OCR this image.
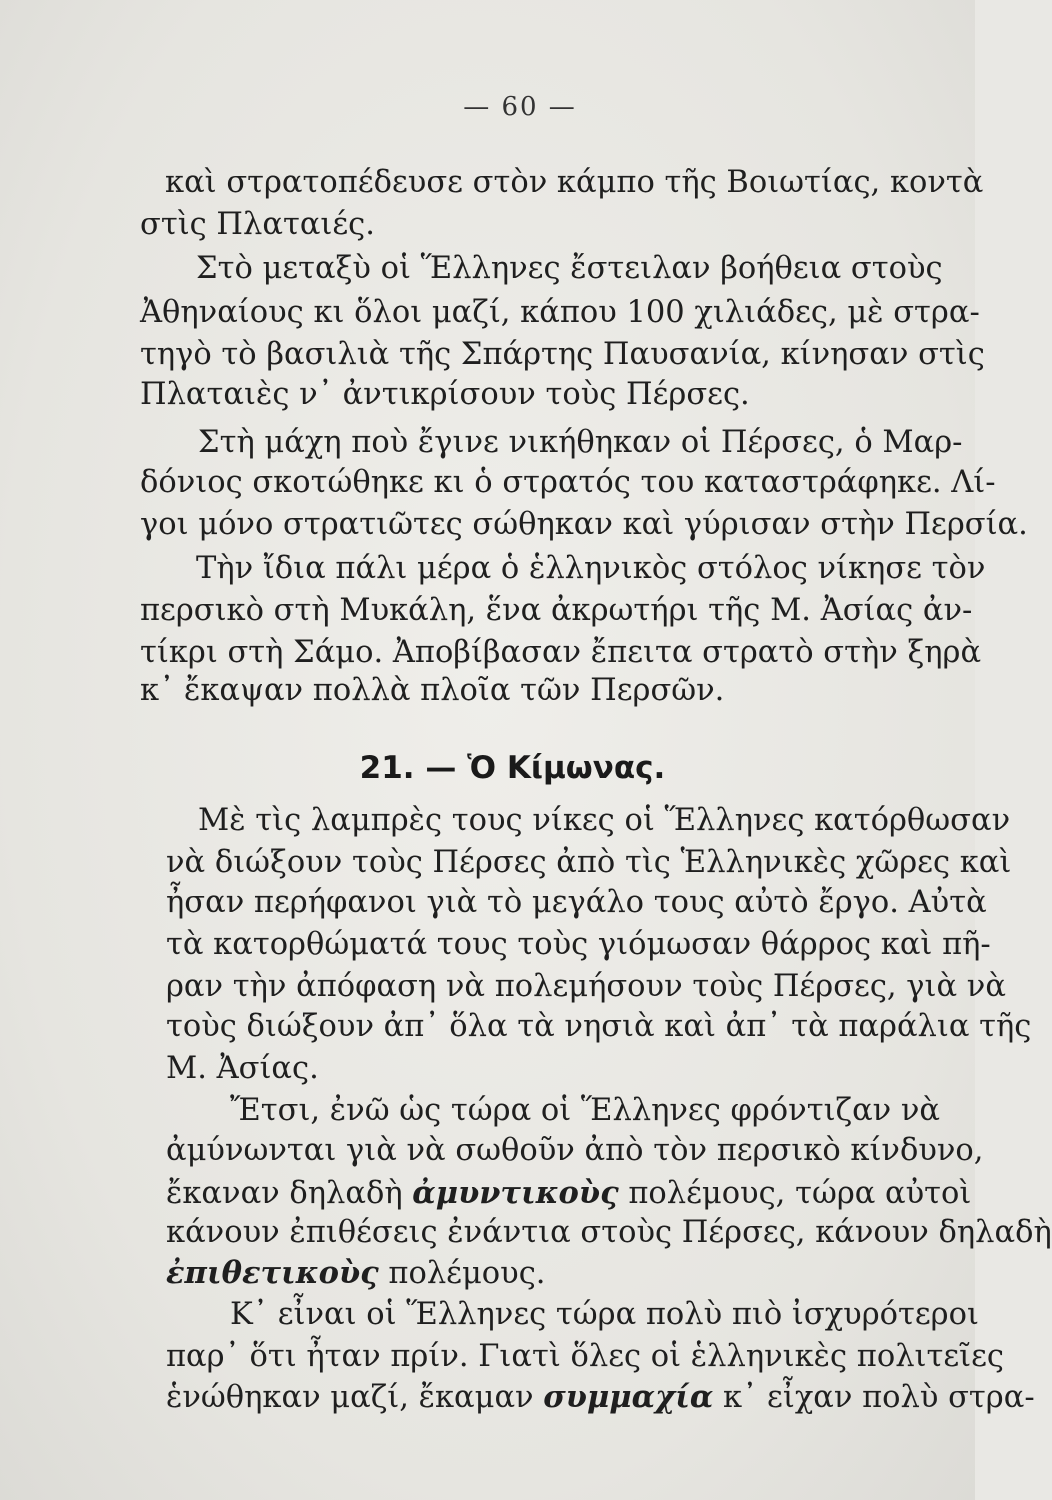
— 60 —
21. — Ὁ Κίμωνας.
καὶ στρατοπέδευσε στὸν κάμπο τῆς Βοιωτίας, κοντὰ
στὶς Πλαταιές.
Στὸ μεταξὺ οἱ Ἕλληνες ἔστειλαν βοήθεια στοὺς
Ἀθηναίους κι ὅλοι μαζί, κάπου 100 χιλιάδες, μὲ στρα-
τηγὸ τὸ βασιλιὰ τῆς Σπάρτης Παυσανία, κίνησαν στὶς
Πλαταιὲς ν᾽ ἀντικρίσουν τοὺς Πέρσες.
Στὴ μάχη ποὺ ἔγινε νικήθηκαν οἱ Πέρσες, ὁ Μαρ-
δόνιος σκοτώθηκε κι ὁ στρατός του καταστράφηκε. Λί-
γοι μόνο στρατιῶτες σώθηκαν καὶ γύρισαν στὴν Περσία.
Τὴν ἴδια πάλι μέρα ὁ ἑλληνικὸς στόλος νίκησε τὸν
περσικὸ στὴ Μυκάλη, ἕνα ἀκρωτήρι τῆς Μ. Ἀσίας ἀν-
τίκρι στὴ Σάμο. Ἀποβίβασαν ἔπειτα στρατὸ στὴν ξηρὰ
κ᾽ ἔκαψαν πολλὰ πλοῖα τῶν Περσῶν.
Μὲ τὶς λαμπρὲς τους νίκες οἱ Ἕλληνες κατόρθωσαν
νὰ διώξουν τοὺς Πέρσες ἀπὸ τὶς Ἑλληνικὲς χῶρες καὶ
ἦσαν περήφανοι γιὰ τὸ μεγάλο τους αὐτὸ ἔργο. Αὐτὰ
τὰ κατορθώματά τους τοὺς γιόμωσαν θάρρος καὶ πῆ-
ραν τὴν ἀπόφαση νὰ πολεμήσουν τοὺς Πέρσες, γιὰ νὰ
τοὺς διώξουν ἀπ᾽ ὅλα τὰ νησιὰ καὶ ἀπ᾽ τὰ παράλια τῆς
Μ. Ἀσίας.
Ἔτσι, ἐνῶ ὡς τώρα οἱ Ἕλληνες φρόντιζαν νὰ
ἀμύνωνται γιὰ νὰ σωθοῦν ἀπὸ τὸν περσικὸ κίνδυνο,
ἔκαναν δηλαδὴ ἀμυντικοὺς πολέμους, τώρα αὐτοὶ
κάνουν ἐπιθέσεις ἐνάντια στοὺς Πέρσες, κάνουν δηλαδὴ
ἐπιθετικοὺς πολέμους.
Κ᾽ εἶναι οἱ Ἕλληνες τώρα πολὺ πιὸ ἰσχυρότεροι
παρ᾽ ὅτι ἦταν πρίν. Γιατὶ ὅλες οἱ ἑλληνικὲς πολιτεῖες
ἑνώθηκαν μαζί, ἔκαμαν συμμαχία κ᾽ εἶχαν πολὺ στρα-
